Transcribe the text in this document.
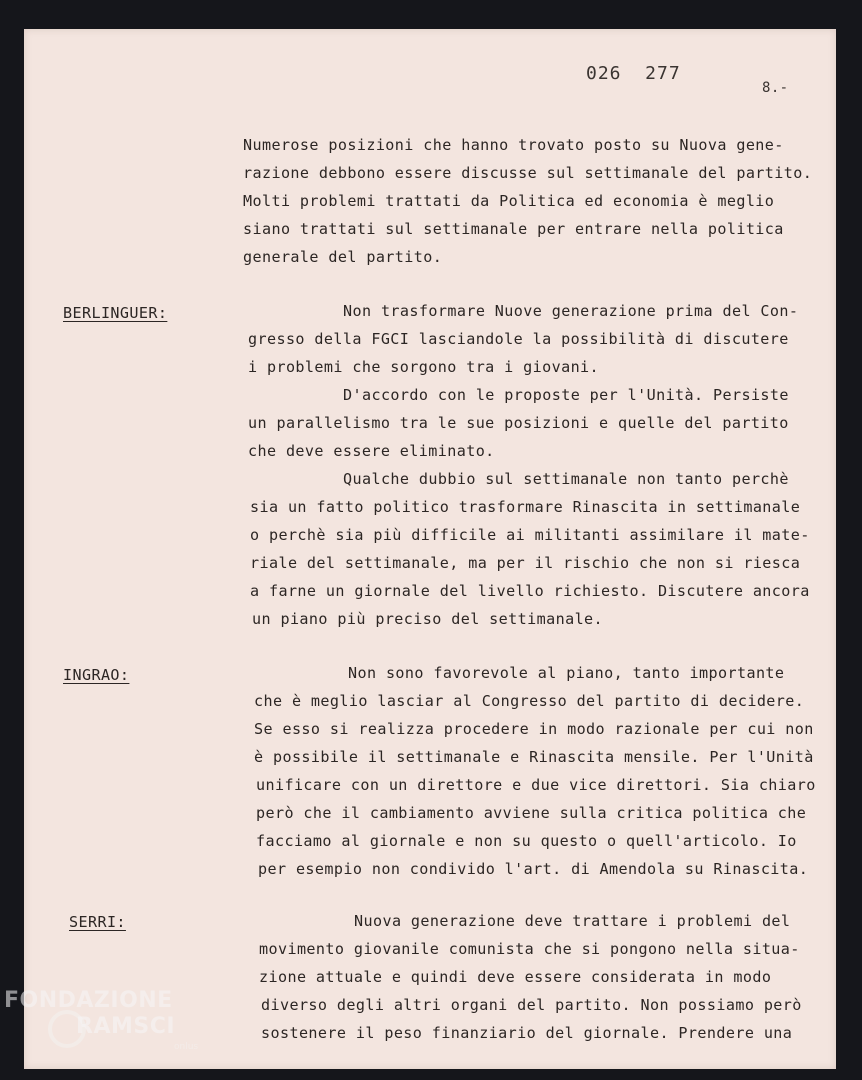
026  277
8.-
Numerose posizioni che hanno trovato posto su Nuova gene-
razione debbono essere discusse sul settimanale del partito.
Molti problemi trattati da Politica ed economia è meglio
siano trattati sul settimanale per entrare nella politica
generale del partito.
BERLINGUER:	Non trasformare Nuove generazione prima del Con-
gresso della FGCI lasciandole la possibilità di discutere
i problemi che sorgono tra i giovani.
D'accordo con le proposte per l'Unità. Persiste
un parallelismo tra le sue posizioni e quelle del partito
che deve essere eliminato.
Qualche dubbio sul settimanale non tanto perchè
sia un fatto politico trasformare Rinascita in settimanale
o perchè sia più difficile ai militanti assimilare il mate-
riale del settimanale, ma per il rischio che non si riesca
a farne un giornale del livello richiesto. Discutere ancora
un piano più preciso del settimanale.
INGRAO:	Non sono favorevole al piano, tanto importante
che è meglio lasciar al Congresso del partito di decidere.
Se esso si realizza procedere in modo razionale per cui non
è possibile il settimanale e Rinascita mensile. Per l'Unità
unificare con un direttore e due vice direttori. Sia chiaro
però che il cambiamento avviene sulla critica politica che
facciamo al giornale e non su questo o quell'articolo. Io
per esempio non condivido l'art. di Amendola su Rinascita.
SERRI:	Nuova generazione deve trattare i problemi del
movimento giovanile comunista che si pongono nella situa-
zione attuale e quindi deve essere considerata in modo
diverso degli altri organi del partito. Non possiamo però
sostenere il peso finanziario del giornale. Prendere una
FONDAZIONE
RAMSCI
onlus
